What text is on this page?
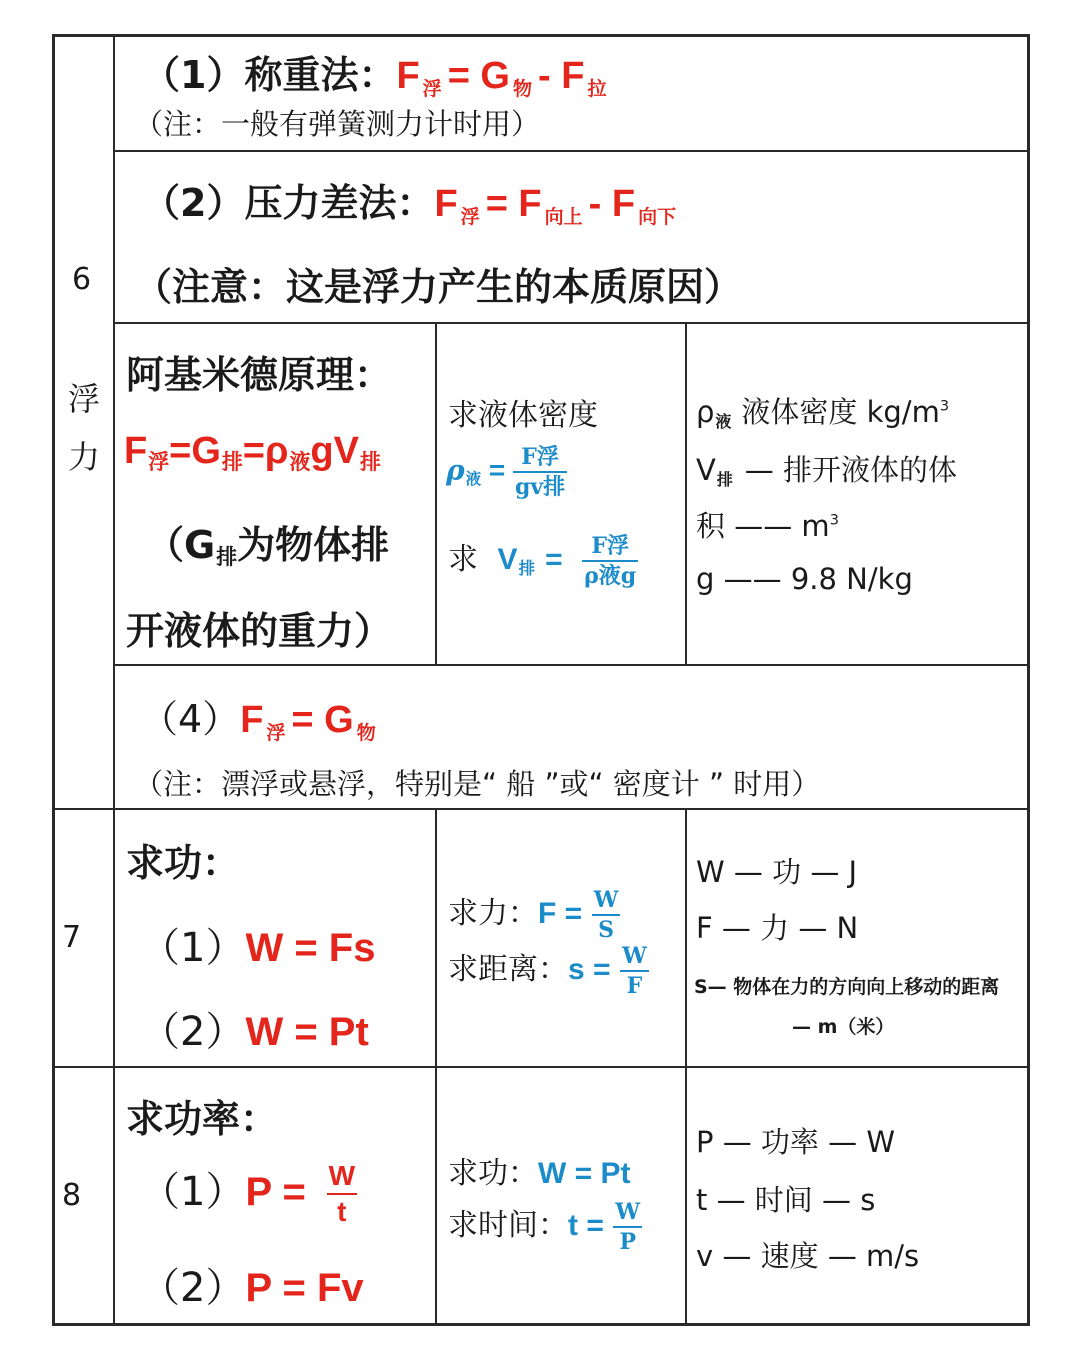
6
浮
力
7
8
（1）称重法：F $_浮$ = G $_物$ - F $_拉$
（注：一般有弹簧测力计时用）
（2）压力差法：F $_浮$ = F $_{向上}$ - F $_{向下}$
（注意：这是浮力产生的本质原因）
阿基米德原理：
$F_浮=G_排=\rho_液gV_排$
（$G_排$为物体排
开液体的重力）
求液体密度
$\rho_液 = \frac{\text{F浮}}{\text{gv排}}$
求 $V_排 = \frac{\text{F浮}}{\text{ρ液g}}$
$\rho_液$ 液体密度 $kg/m^3$
$V_排$ — 排开液体的体
积 —— $m^3$
g —— 9.8 N/kg
（4）F $_浮$ = G $_物$
（注：漂浮或悬浮，特别是“ 船 ”或“ 密度计 ” 时用）
求功：
（1）W = Fs
（2）W = Pt
求力：$F = \frac{W}{S}$
求距离：$s = \frac{W}{F}$
W — 功 — J
F — 力 — N
S— 物体在力的方向向上移动的距离
— m（米）
求功率：
$(1)P = \frac{W}{t}$
（2）P = Fv
求功：W = Pt
求时间：$t = \frac{W}{P}$
P — 功率 — W
t — 时间 — s
v — 速度 — m/s
